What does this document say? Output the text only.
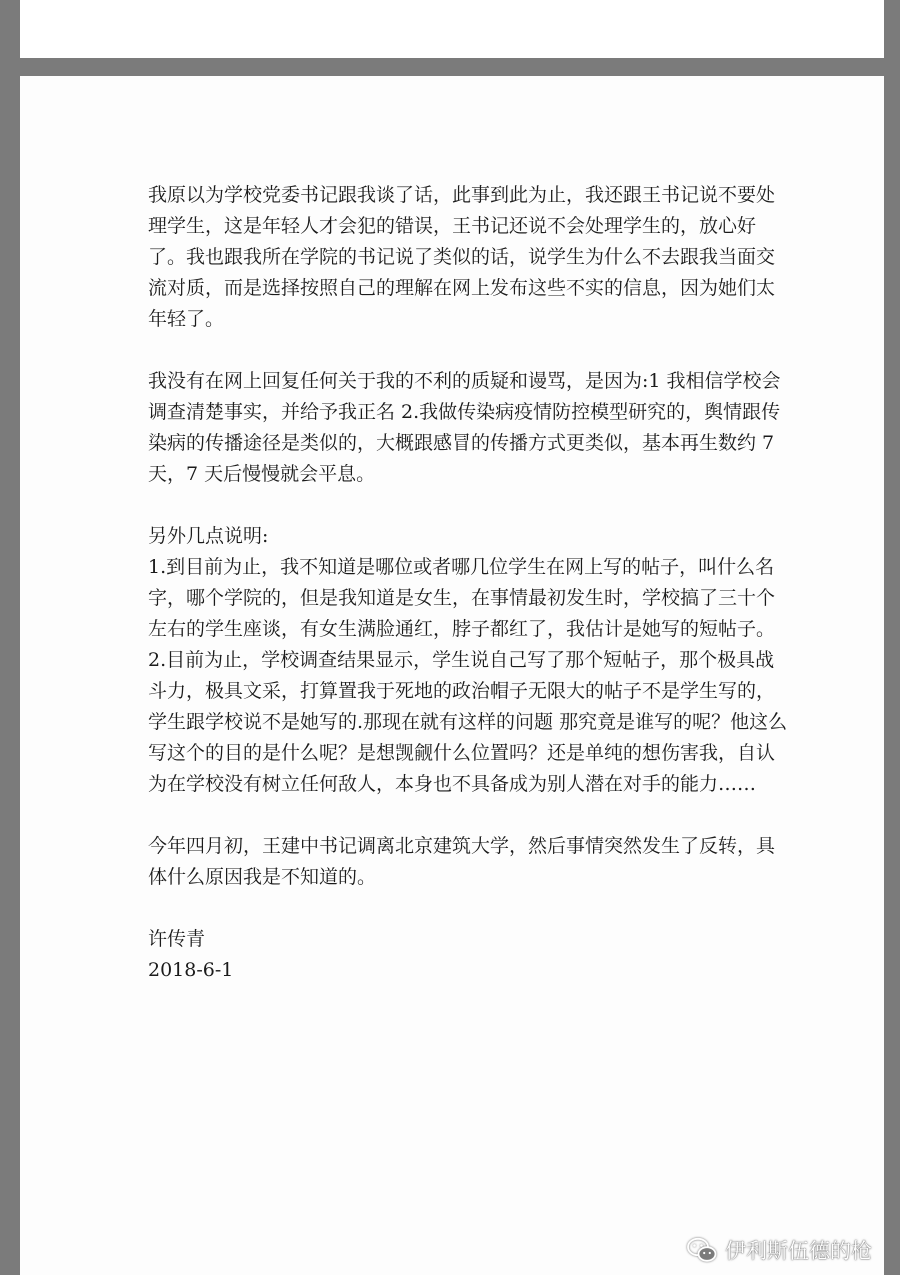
我原以为学校党委书记跟我谈了话，此事到此为止，我还跟王书记说不要处理学生，这是年轻人才会犯的错误，王书记还说不会处理学生的，放心好了。我也跟我所在学院的书记说了类似的话，说学生为什么不去跟我当面交流对质，而是选择按照自己的理解在网上发布这些不实的信息，因为她们太年轻了。

我没有在网上回复任何关于我的不利的质疑和谩骂，是因为:1 我相信学校会调查清楚事实，并给予我正名 2.我做传染病疫情防控模型研究的，舆情跟传染病的传播途径是类似的，大概跟感冒的传播方式更类似，基本再生数约 7 天，7 天后慢慢就会平息。

另外几点说明:

1.到目前为止，我不知道是哪位或者哪几位学生在网上写的帖子，叫什么名字，哪个学院的，但是我知道是女生，在事情最初发生时，学校搞了三十个左右的学生座谈，有女生满脸通红，脖子都红了，我估计是她写的短帖子。

2.目前为止，学校调查结果显示，学生说自己写了那个短帖子，那个极具战斗力，极具文采，打算置我于死地的政治帽子无限大的帖子不是学生写的，学生跟学校说不是她写的.那现在就有这样的问题 那究竟是谁写的呢？他这么写这个的目的是什么呢？是想觊觎什么位置吗？还是单纯的想伤害我，自认为在学校没有树立任何敌人，本身也不具备成为别人潜在对手的能力……

今年四月初，王建中书记调离北京建筑大学，然后事情突然发生了反转，具体什么原因我是不知道的。

许传青

2018-6-1

伊利斯伍德的枪
